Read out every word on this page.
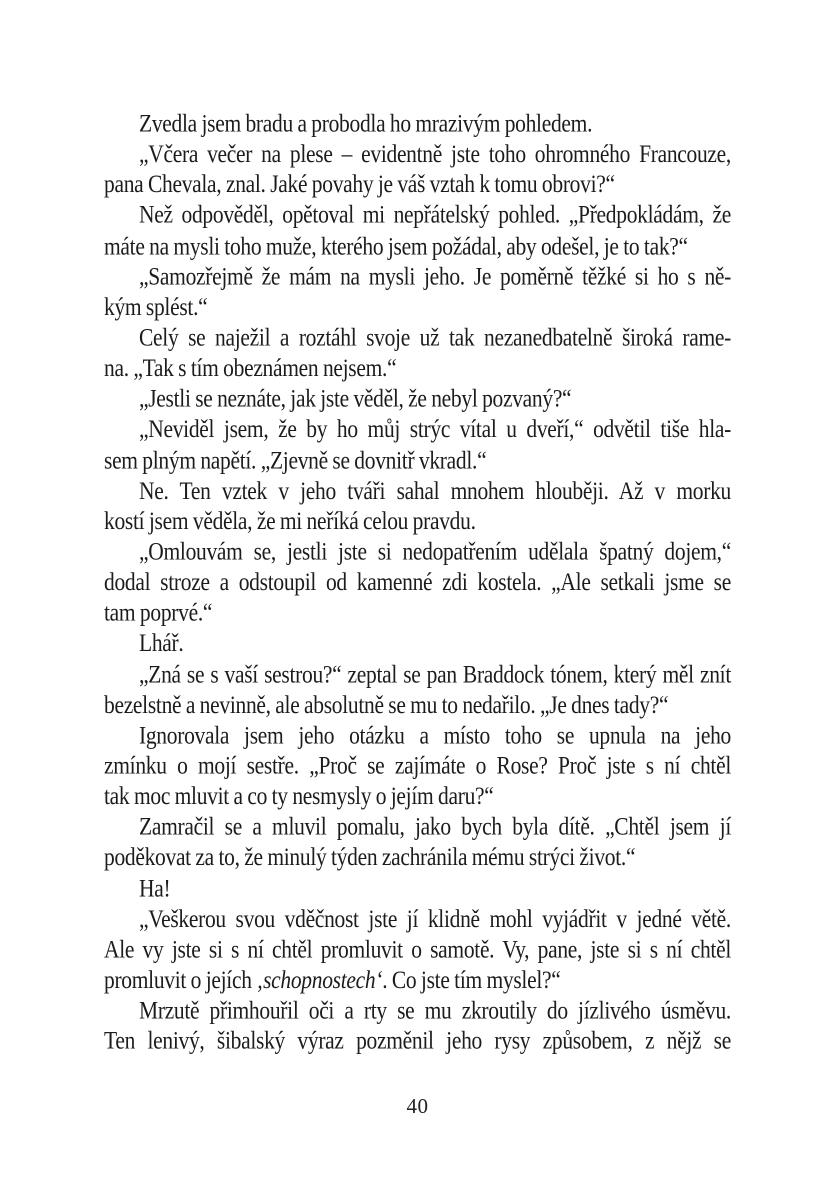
Zvedla jsem bradu a probodla ho mrazivým pohledem.
„Včera večer na plese – evidentně jste toho ohromného Francouze,
pana Chevala, znal. Jaké povahy je váš vztah k tomu obrovi?“
Než odpověděl, opětoval mi nepřátelský pohled. „Předpokládám, že
máte na mysli toho muže, kterého jsem požádal, aby odešel, je to tak?“
„Samozřejmě že mám na mysli jeho. Je poměrně těžké si ho s ně-
kým splést.“
Celý se naježil a roztáhl svoje už tak nezanedbatelně široká rame-
na. „Tak s tím obeznámen nejsem.“
„Jestli se neznáte, jak jste věděl, že nebyl pozvaný?“
„Neviděl jsem, že by ho můj strýc vítal u dveří,“ odvětil tiše hla-
sem plným napětí. „Zjevně se dovnitř vkradl.“
Ne. Ten vztek v jeho tváři sahal mnohem hlouběji. Až v morku
kostí jsem věděla, že mi neříká celou pravdu.
„Omlouvám se, jestli jste si nedopatřením udělala špatný dojem,“
dodal stroze a odstoupil od kamenné zdi kostela. „Ale setkali jsme se
tam poprvé.“
Lhář.
„Zná se s vaší sestrou?“ zeptal se pan Braddock tónem, který měl znít
bezelstně a nevinně, ale absolutně se mu to nedařilo. „Je dnes tady?“
Ignorovala jsem jeho otázku a místo toho se upnula na jeho
zmínku o mojí sestře. „Proč se zajímáte o Rose? Proč jste s ní chtěl
tak moc mluvit a co ty nesmysly o jejím daru?“
Zamračil se a mluvil pomalu, jako bych byla dítě. „Chtěl jsem jí
poděkovat za to, že minulý týden zachránila mému strýci život.“
Ha!
„Veškerou svou vděčnost jste jí klidně mohl vyjádřit v jedné větě.
Ale vy jste si s ní chtěl promluvit o samotě. Vy, pane, jste si s ní chtěl
promluvit o jejích ‚schopnostech‘. Co jste tím myslel?“
Mrzutě přimhouřil oči a rty se mu zkroutily do jízlivého úsměvu.
Ten lenivý, šibalský výraz pozměnil jeho rysy způsobem, z nějž se
40
